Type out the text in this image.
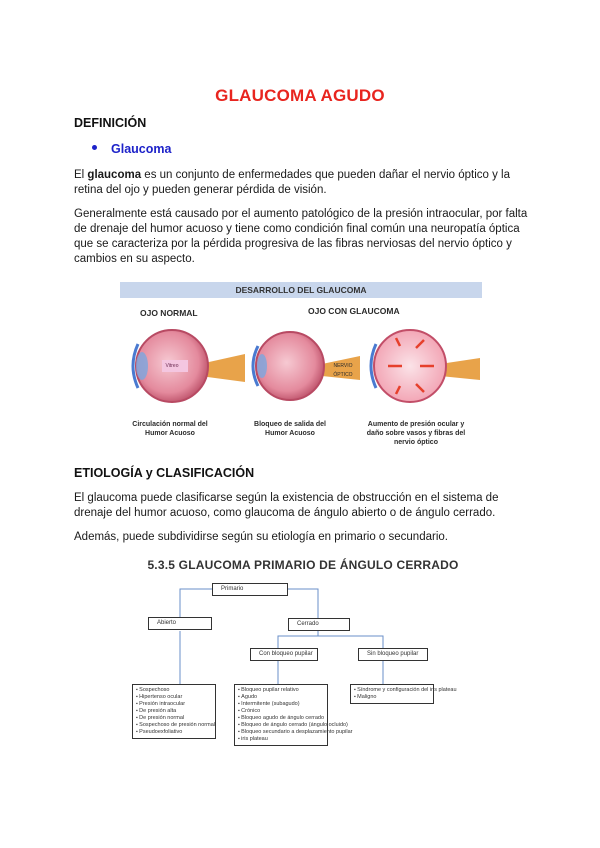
GLAUCOMA AGUDO
DEFINICIÓN
Glaucoma
El glaucoma es un conjunto de enfermedades que pueden dañar el nervio óptico y la retina del ojo y pueden generar pérdida de visión.
Generalmente está causado por el aumento patológico de la presión intraocular, por falta de drenaje del humor acuoso y tiene como condición final común una neuropatía óptica que se caracteriza por la pérdida progresiva de las fibras nerviosas del nervio óptico y cambios en su aspecto.
DESARROLLO DEL GLAUCOMA
OJO NORMAL	OJO CON GLAUCOMA
Vitreo	NERVIO ÓPTICO
Circulación normal del Humor Acuoso
Bloqueo de salida del Humor Acuoso
Aumento de presión ocular y daño sobre vasos y fibras del nervio óptico
ETIOLOGÍA y CLASIFICACIÓN
El glaucoma puede clasificarse según la existencia de obstrucción en el sistema de drenaje del humor acuoso, como glaucoma de ángulo abierto o de ángulo cerrado.
Además, puede subdividirse según su etiología en primario o secundario.
5.3.5 GLAUCOMA PRIMARIO DE ÁNGULO CERRADO
Primario
Abierto	Cerrado
Con bloqueo pupilar	Sin bloqueo pupilar
▪ Sospechoso
▪ Hipertenso ocular
▪ Presión intraocular
▪ De presión alta
▪ De presión normal
▪ Sospechoso de presión normal
▪ Pseudoexfoliativo
▪ Bloqueo pupilar relativo
▪ Agudo
▪ Intermitente (subagudo)
▪ Crónico
▪ Bloqueo agudo de ángulo cerrado
▪ Bloqueo de ángulo cerrado (ángulo ocluido)
▪ Bloqueo secundario a desplazamiento pupilar
▪ iris plateau
▪ Síndrome y configuración del iris plateau
▪ Maligno
